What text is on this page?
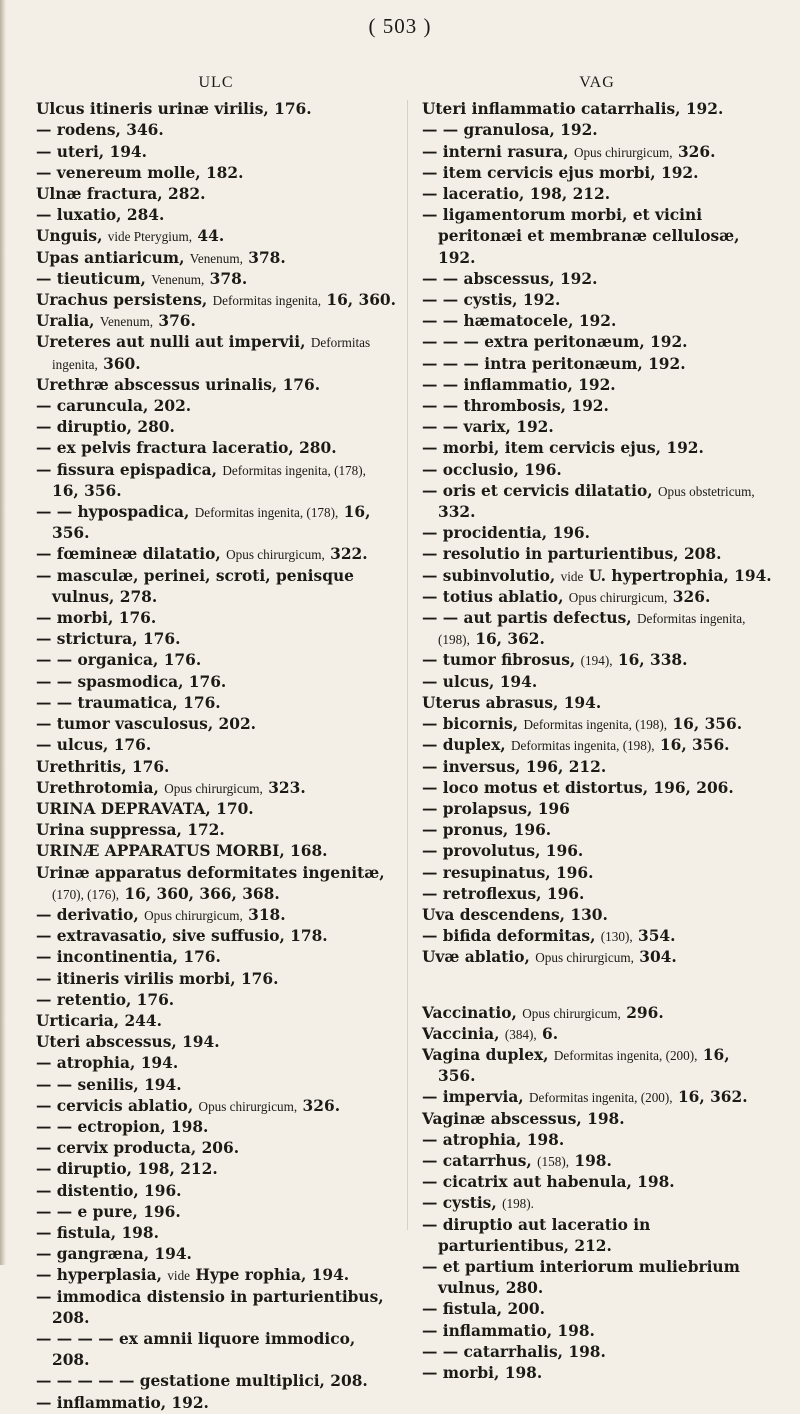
( 503 )
ULC
Ulcus itineris urinæ virilis, 176.
— rodens, 346.
— uteri, 194.
— venereum molle, 182.
Ulnæ fractura, 282.
— luxatio, 284.
Unguis, vide Pterygium, 44.
Upas antiaricum, Venenum, 378.
— tieuticum, Venenum, 378.
Urachus persistens, Deformitas ingenita, 16, 360.
Uralia, Venenum, 376.
Ureteres aut nulli aut impervii, Deformitas ingenita, 360.
Urethræ abscessus urinalis, 176.
— caruncula, 202.
— diruptio, 280.
— ex pelvis fractura laceratio, 280.
— fissura epispadica, Deformitas ingenita, (178), 16, 356.
— — hypospadica, Deformitas ingenita, (178), 16, 356.
— fœmineæ dilatatio, Opus chirurgicum, 322.
— masculæ, perinei, scroti, penisque vulnus, 278.
— morbi, 176.
— strictura, 176.
— — organica, 176.
— — spasmodica, 176.
— — traumatica, 176.
— tumor vasculosus, 202.
— ulcus, 176.
Urethritis, 176.
Urethrotomia, Opus chirurgicum, 323.
URINA DEPRAVATA, 170.
Urina suppressa, 172.
URINÆ APPARATUS MORBI, 168.
Urinæ apparatus deformitates ingenitæ, (170), (176), 16, 360, 366, 368.
— derivatio, Opus chirurgicum, 318.
— extravasatio, sive suffusio, 178.
— incontinentia, 176.
— itineris virilis morbi, 176.
— retentio, 176.
Urticaria, 244.
Uteri abscessus, 194.
— atrophia, 194.
— — senilis, 194.
— cervicis ablatio, Opus chirurgicum, 326.
— — ectropion, 198.
— cervix producta, 206.
— diruptio, 198, 212.
— distentio, 196.
— — e pure, 196.
— fistula, 198.
— gangræna, 194.
— hyperplasia, vide Hype rophia, 194.
— immodica distensio in parturientibus, 208.
— — — — ex amnii liquore immodico, 208.
— — — — — gestatione multiplici, 208.
— inflammatio, 192.
VAG
Uteri inflammatio catarrhalis, 192.
— — granulosa, 192.
— interni rasura, Opus chirurgicum, 326.
— item cervicis ejus morbi, 192.
— laceratio, 198, 212.
— ligamentorum morbi, et vicini peritonæi et membranæ cellulosæ, 192.
— — abscessus, 192.
— — cystis, 192.
— — hæmatocele, 192.
— — — extra peritonæum, 192.
— — — intra peritonæum, 192.
— — inflammatio, 192.
— — thrombosis, 192.
— — varix, 192.
— morbi, item cervicis ejus, 192.
— occlusio, 196.
— oris et cervicis dilatatio, Opus obstetricum, 332.
— procidentia, 196.
— resolutio in parturientibus, 208.
— subinvolutio, vide U. hypertrophia, 194.
— totius ablatio, Opus chirurgicum, 326.
— — aut partis defectus, Deformitas ingenita, (198), 16, 362.
— tumor fibrosus, (194), 16, 338.
— ulcus, 194.
Uterus abrasus, 194.
— bicornis, Deformitas ingenita, (198), 16, 356.
— duplex, Deformitas ingenita, (198), 16, 356.
— inversus, 196, 212.
— loco motus et distortus, 196, 206.
— prolapsus, 196
— pronus, 196.
— provolutus, 196.
— resupinatus, 196.
— retroflexus, 196.
Uva descendens, 130.
— bifida deformitas, (130), 354.
Uvæ ablatio, Opus chirurgicum, 304.
Vaccinatio, Opus chirurgicum, 296.
Vaccinia, (384), 6.
Vagina duplex, Deformitas ingenita, (200), 16, 356.
— impervia, Deformitas ingenita, (200), 16, 362.
Vaginæ abscessus, 198.
— atrophia, 198.
— catarrhus, (158), 198.
— cicatrix aut habenula, 198.
— cystis, (198).
— diruptio aut laceratio in parturientibus, 212.
— et partium interiorum muliebrium vulnus, 280.
— fistula, 200.
— inflammatio, 198.
— — catarrhalis, 198.
— morbi, 198.
